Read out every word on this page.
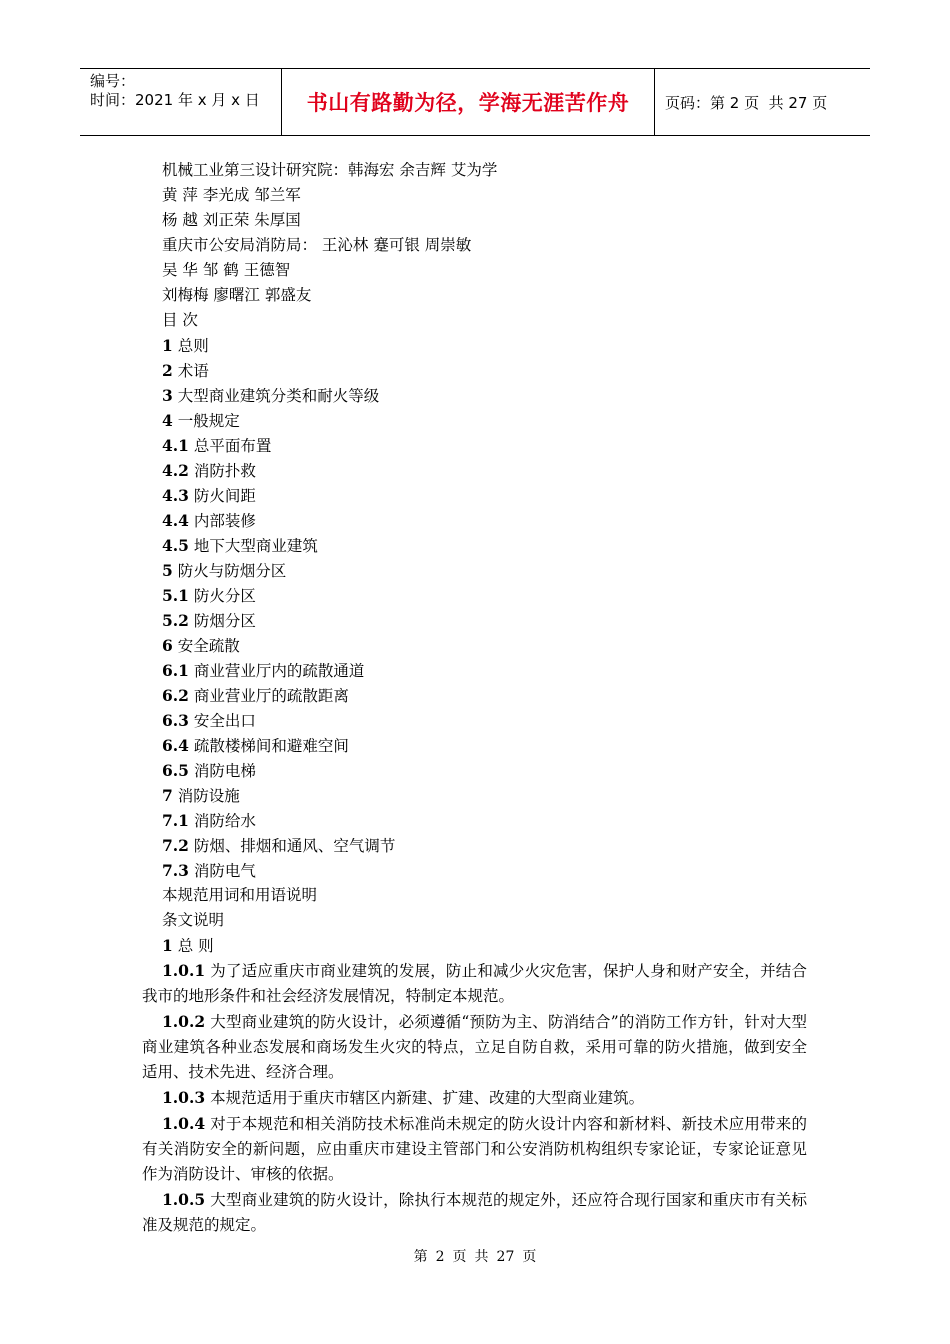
编号：
时间：2021 年 x 月 x 日	书山有路勤为径，学海无涯苦作舟	页码：第 2 页  共 27 页
机械工业第三设计研究院：韩海宏 余吉辉 艾为学
黄 萍 李光成 邹兰军
杨 越 刘正荣 朱厚国
重庆市公安局消防局： 王沁林 蹇可银 周崇敏
吴 华 邹 鹤 王德智
刘梅梅 廖曙江 郭盛友
目 次
1 总则
2 术语
3 大型商业建筑分类和耐火等级
4 一般规定
4.1 总平面布置
4.2 消防扑救
4.3 防火间距
4.4 内部装修
4.5 地下大型商业建筑
5 防火与防烟分区
5.1 防火分区
5.2 防烟分区
6 安全疏散
6.1 商业营业厅内的疏散通道
6.2 商业营业厅的疏散距离
6.3 安全出口
6.4 疏散楼梯间和避难空间
6.5 消防电梯
7 消防设施
7.1 消防给水
7.2 防烟、排烟和通风、空气调节
7.3 消防电气
本规范用词和用语说明
条文说明
1 总 则

1.0.1 为了适应重庆市商业建筑的发展，防止和减少火灾危害，保护人身和财产安全，并结合我市的地形条件和社会经济发展情况，特制定本规范。

1.0.2 大型商业建筑的防火设计，必须遵循“预防为主、防消结合”的消防工作方针，针对大型商业建筑各种业态发展和商场发生火灾的特点，立足自防自救，采用可靠的防火措施，做到安全适用、技术先进、经济合理。

1.0.3 本规范适用于重庆市辖区内新建、扩建、改建的大型商业建筑。

1.0.4 对于本规范和相关消防技术标准尚未规定的防火设计内容和新材料、新技术应用带来的有关消防安全的新问题，应由重庆市建设主管部门和公安消防机构组织专家论证，专家论证意见作为消防设计、审核的依据。

1.0.5 大型商业建筑的防火设计，除执行本规范的规定外，还应符合现行国家和重庆市有关标准及规范的规定。

第 2 页 共 27 页
